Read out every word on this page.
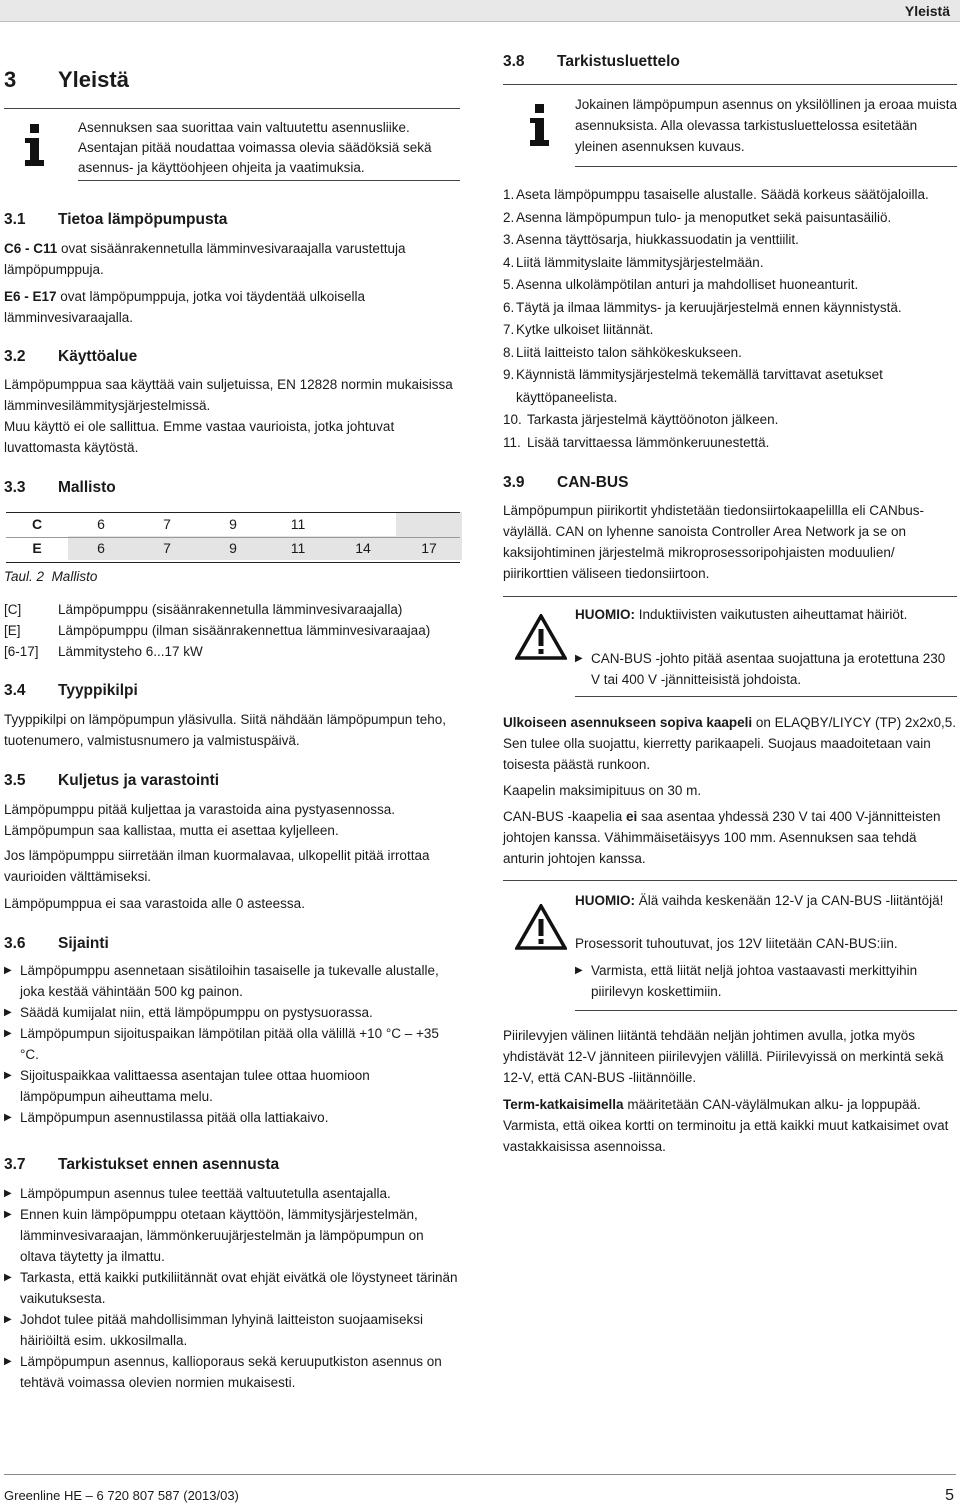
Yleistä
3 Yleistä
Asennuksen saa suorittaa vain valtuutettu asennusliike. Asentajan pitää noudattaa voimassa olevia säädöksiä sekä asennus- ja käyttöohjeen ohjeita ja vaatimuksia.
3.1 Tietoa lämpöpumpusta
C6 - C11 ovat sisäänrakennetulla lämminvesivaraajalla varustettuja lämpöpumppuja.
E6 - E17 ovat lämpöpumppuja, jotka voi täydentää ulkoisella lämminvesivaraajalla.
3.2 Käyttöalue
Lämpöpumppua saa käyttää vain suljetuissa, EN 12828 normin mukaisissa lämminvesilämmitysjärjestelmissä.
Muu käyttö ei ole sallittua. Emme vastaa vaurioista, jotka johtuvat luvattomasta käytöstä.
3.3 Mallisto
C	6	7	9	11		
E	6	7	9	11	14	17
Taul. 2 Mallisto
[C]	Lämpöpumppu (sisäänrakennetulla lämminvesivaraajalla)
[E]	Lämpöpumppu (ilman sisäänrakennettua lämminvesivaraajaa)
[6-17] Lämmitysteho 6...17 kW
3.4 Tyyppikilpi
Tyyppikilpi on lämpöpumpun yläsivulla. Siitä nähdään lämpöpumpun teho, tuotenumero, valmistusnumero ja valmistuspäivä.
3.5 Kuljetus ja varastointi
Lämpöpumppu pitää kuljettaa ja varastoida aina pystyasennossa. Lämpöpumpun saa kallistaa, mutta ei asettaa kyljelleen.
Jos lämpöpumppu siirretään ilman kuormalavaa, ulkopellit pitää irrottaa vaurioiden välttämiseksi.
Lämpöpumppua ei saa varastoida alle 0 asteessa.
3.6 Sijainti
▶ Lämpöpumppu asennetaan sisätiloihin tasaiselle ja tukevalle alustalle, joka kestää vähintään 500 kg painon.
▶ Säädä kumijalat niin, että lämpöpumppu on pystysuorassa.
▶ Lämpöpumpun sijoituspaikan lämpötilan pitää olla välillä +10 °C – +35 °C.
▶ Sijoituspaikkaa valittaessa asentajan tulee ottaa huomioon lämpöpumpun aiheuttama melu.
▶ Lämpöpumpun asennustilassa pitää olla lattiakaivo.
3.7 Tarkistukset ennen asennusta
▶ Lämpöpumpun asennus tulee teettää valtuutetulla asentajalla.
▶ Ennen kuin lämpöpumppu otetaan käyttöön, lämmitysjärjestelmän, lämminvesivaraajan, lämmönkeruujärjestelmän ja lämpöpumpun on oltava täytetty ja ilmattu.
▶ Tarkasta, että kaikki putkiliitännät ovat ehjät eivätkä ole löystyneet tärinän vaikutuksesta.
▶ Johdot tulee pitää mahdollisimman lyhyinä laitteiston suojaamiseksi häiriöiltä esim. ukkosilmalla.
▶ Lämpöpumpun asennus, kallioporaus sekä keruuputkiston asennus on tehtävä voimassa olevien normien mukaisesti.
3.8 Tarkistusluettelo
Jokainen lämpöpumpun asennus on yksilöllinen ja eroaa muista asennuksista. Alla olevassa tarkistusluettelossa esitetään yleinen asennuksen kuvaus.
1. Aseta lämpöpumppu tasaiselle alustalle. Säädä korkeus säätöjaloilla.
2. Asenna lämpöpumpun tulo- ja menoputket sekä paisuntasäiliö.
3. Asenna täyttösarja, hiukkassuodatin ja venttiilit.
4. Liitä lämmityslaite lämmitysjärjestelmään.
5. Asenna ulkolämpötilan anturi ja mahdolliset huoneanturit.
6. Täytä ja ilmaa lämmitys- ja keruujärjestelmä ennen käynnistystä.
7. Kytke ulkoiset liitännät.
8. Liitä laitteisto talon sähkökeskukseen.
9. Käynnistä lämmitysjärjestelmä tekemällä tarvittavat asetukset käyttöpaneelista.
10. Tarkasta järjestelmä käyttöönoton jälkeen.
11. Lisää tarvittaessa lämmönkeruunestettä.
3.9 CAN-BUS
Lämpöpumpun piirikortit yhdistetään tiedonsiirtokaapelillla eli CANbus-väylällä. CAN on lyhenne sanoista Controller Area Network ja se on kaksijohtiminen järjestelmä mikroprosessoripohjaisten moduulien/ piirikorttien väliseen tiedonsiirtoon.
HUOMIO: Induktiivisten vaikutusten aiheuttamat häiriöt.
▶ CAN-BUS -johto pitää asentaa suojattuna ja erotettuna 230 V tai 400 V -jännitteisistä johdoista.
Ulkoiseen asennukseen sopiva kaapeli on ELAQBY/LIYCY (TP) 2x2x0,5. Sen tulee olla suojattu, kierretty parikaapeli. Suojaus maadoitetaan vain toisesta päästä runkoon.
Kaapelin maksimipituus on 30 m.
CAN-BUS -kaapelia ei saa asentaa yhdessä 230 V tai 400 V-jännitteisten johtojen kanssa. Vähimmäisetäisyys 100 mm. Asennuksen saa tehdä anturin johtojen kanssa.
HUOMIO: Älä vaihda keskenään 12-V ja CAN-BUS -liitäntöjä!
Prosessorit tuhoutuvat, jos 12V liitetään CAN-BUS:iin.
▶ Varmista, että liität neljä johtoa vastaavasti merkittyihin piirilevyn koskettimiin.
Piirilevyjen välinen liitäntä tehdään neljän johtimen avulla, jotka myös yhdistävät 12-V jänniteen piirilevyjen välillä. Piirilevyissä on merkintä sekä 12-V, että CAN-BUS -liitännöille.
Term-katkaisimella määritetään CAN-väylälmukan alku- ja loppupää. Varmista, että oikea kortti on terminoitu ja että kaikki muut katkaisimet ovat vastakkaisissa asennoissa.
Greenline HE – 6 720 807 587 (2013/03)	5
